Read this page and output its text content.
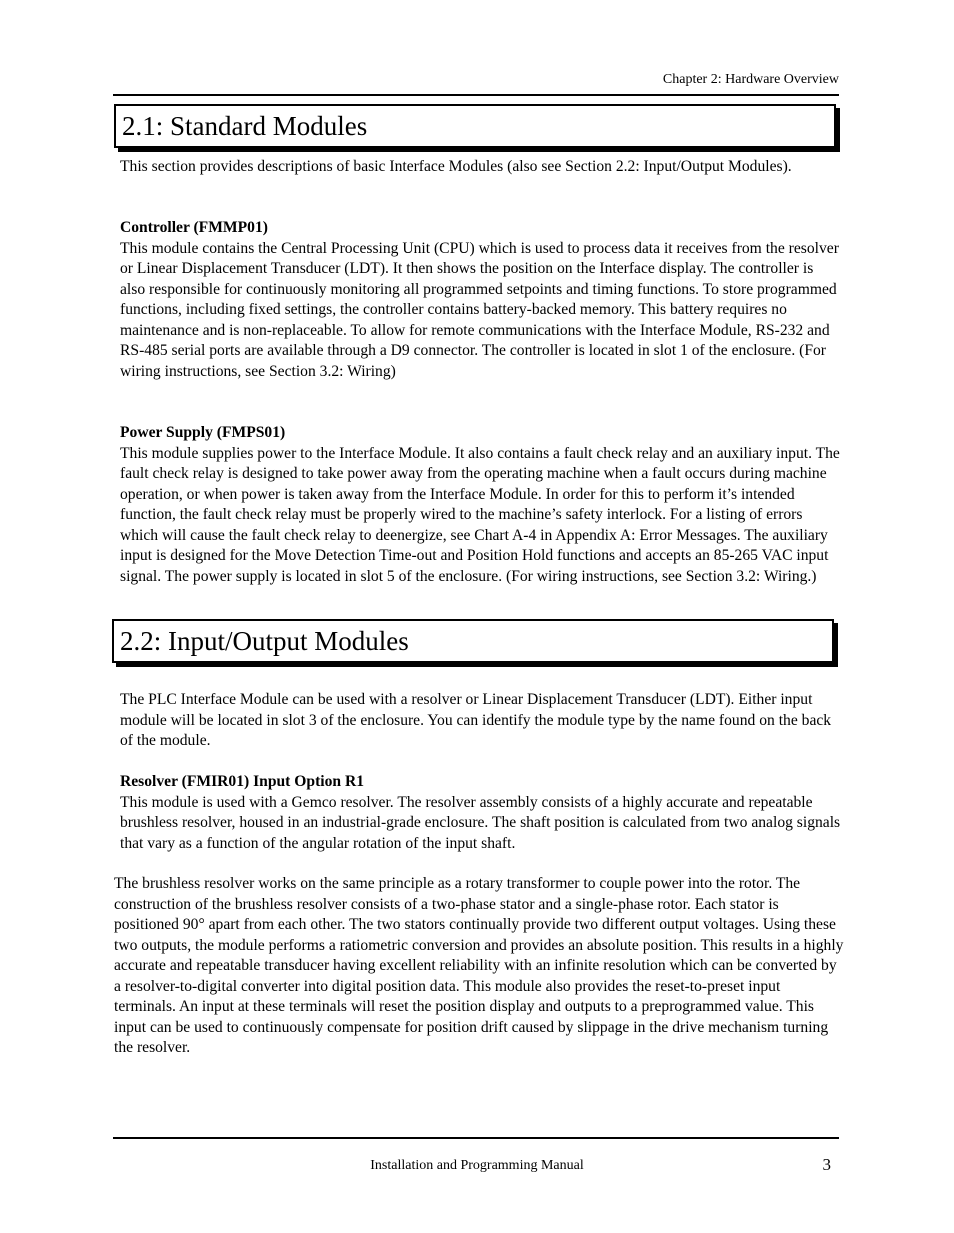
Chapter 2: Hardware Overview
2.1: Standard Modules

This section provides descriptions of basic Interface Modules (also see Section 2.2: Input/Output Modules).

Controller (FMMP01)

This module contains the Central Processing Unit (CPU) which is used to process data it receives from the resolver or Linear Displacement Transducer (LDT). It then shows the position on the Interface display. The controller is also responsible for continuously monitoring all programmed setpoints and timing functions. To store programmed functions, including fixed settings, the controller contains battery-backed memory. This battery requires no maintenance and is non-replaceable. To allow for remote communications with the Interface Module, RS-232 and RS-485 serial ports are available through a D9 connector. The controller is located in slot 1 of the enclosure. (For wiring instructions, see Section 3.2: Wiring)

Power Supply (FMPS01)

This module supplies power to the Interface Module. It also contains a fault check relay and an auxiliary input. The fault check relay is designed to take power away from the operating machine when a fault occurs during machine operation, or when power is taken away from the Interface Module. In order for this to perform it’s intended function, the fault check relay must be properly wired to the machine’s safety interlock. For a listing of errors which will cause the fault check relay to deenergize, see Chart A-4 in Appendix A: Error Messages. The auxiliary input is designed for the Move Detection Time-out and Position Hold functions and accepts an 85-265 VAC input signal. The power supply is located in slot 5 of the enclosure. (For wiring instructions, see Section 3.2: Wiring.)

2.2: Input/Output Modules

The PLC Interface Module can be used with a resolver or Linear Displacement Transducer (LDT). Either input module will be located in slot 3 of the enclosure. You can identify the module type by the name found on the back of the module.

Resolver (FMIR01) Input Option R1

This module is used with a Gemco resolver. The resolver assembly consists of a highly accurate and repeatable brushless resolver, housed in an industrial-grade enclosure. The shaft position is calculated from two analog signals that vary as a function of the angular rotation of the input shaft.

The brushless resolver works on the same principle as a rotary transformer to couple power into the rotor. The construction of the brushless resolver consists of a two-phase stator and a single-phase rotor. Each stator is positioned 90° apart from each other. The two stators continually provide two different output voltages. Using these two outputs, the module performs a ratiometric conversion and provides an absolute position. This results in a highly accurate and repeatable transducer having excellent reliability with an infinite resolution which can be converted by a resolver-to-digital converter into digital position data. This module also provides the reset-to-preset input terminals. An input at these terminals will reset the position display and outputs to a preprogrammed value. This input can be used to continuously compensate for position drift caused by slippage in the drive mechanism turning the resolver.

Installation and Programming Manual	3
